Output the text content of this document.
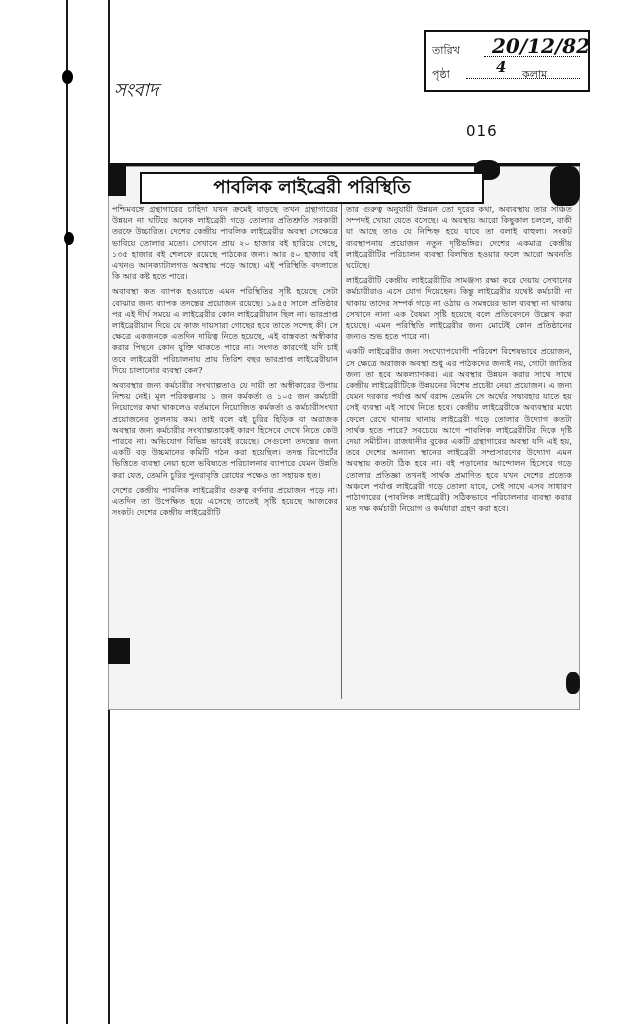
সংবাদ
তারিখ 20/12/82
পৃষ্ঠা	4 কলাম
016
পাবলিক লাইব্রেরী পরিস্থিতি

পশ্চিমবঙ্গে গ্রন্থাগারের চাহিদা যখন ক্রমেই বাড়ছে তখন গ্রন্থাগারের উন্নয়ন না ঘটিয়ে অনেক লাইব্রেরী গড়ে তোলার প্রতিশ্রুতি সরকারী তরফে উচ্চারিত। দেশের কেন্দ্রীয় পাবলিক লাইব্রেরীর অবস্থা সেক্ষেত্রে ভাবিয়ে তোলার মতো। সেখানে প্রায় ২০ হাজার বই হারিয়ে গেছে, ১৩৫ হাজার বই শেলফে রয়েছে পাঠকের জন্য। আর ৫০ হাজার বই এখনও আনক্যাটালগড অবস্থায় পড়ে আছে। এই পরিস্থিতি বদলাতে কি আর কষ্ট হতে পারে।

অবাবস্থা কত ব্যাপক হওয়াতে এমন পরিস্থিতির সৃষ্টি হয়েছে সেটা বোঝার জন্য ব্যাপক তদন্তের প্রয়োজন রয়েছে। ১৯৫৫ সালে প্রতিষ্ঠার পর এই দীর্ঘ সময়ে এ লাইব্রেরীর কোন লাইব্রেরীয়ান ছিল না। ভারপ্রাপ্ত লাইব্রেরীয়ান দিয়ে যে কাজ দায়সারা গোছের হবে তাতে সন্দেহ কী। সে ক্ষেত্রে একজনকে এতদিন দায়িত্ব নিতে হয়েছে, এই বাস্তবতা অস্বীকার করার পিছনে কোন যুক্তি থাকতে পারে না। সংগত কারণেই যদি চাই তবে লাইব্রেরী পরিচালনায় প্রায় তিরিশ বছর ভারপ্রাপ্ত লাইব্রেরীয়ান দিয়ে চালানোর ব্যবস্থা কেন?

অব্যবস্থার জন্য কর্মচারীর সংখ্যাল্পতাও যে দায়ী তা অস্বীকারের উপায় নিশ্চয় নেই। মূল পরিকল্পনায় ১ জন কর্মকর্তা ও ১০৫ জন কর্মচারী নিয়োগের কথা থাকলেও বর্তমানে নিয়োজিত কর্মকর্তা ও কর্মচারীসংখ্যা প্রয়োজনের তুলনায় কম। তাই বলে বই চুরির হিড়িক বা অরাজক অবস্থার জন্য কর্মচারীর সংখ্যাল্পতাকেই কারণ হিসেবে দেখে নিতে কেউ পারবে না। অভিযোগ বিভিন্ন ভাবেই রয়েছে। সেগুলো তদন্তের জন্য একটি বড় উচ্চমানের কমিটি গঠন করা হয়েছিল। তদন্ত রিপোর্টের ভিত্তিতে ব্যবস্থা নেয়া হলে ভবিষ্যতে পরিচালনার ব্যাপারে যেমন উন্নতি করা যেত, তেমনি চুরির পুনরাবৃত্তি রোধের পক্ষেও তা সহায়ক হত।

দেশের কেন্দ্রীয় পাবলিক লাইব্রেরীর গুরুত্ব বর্ণনার প্রয়োজন পড়ে না। এতদিন তা উপেক্ষিত হয়ে এসেছে তাতেই সৃষ্টি হয়েছে আজকের সংকট। দেশের কেন্দ্রীয় লাইব্রেরীটি

তার গুরুত্ব অনুযায়ী উন্নয়ন তো দূরের কথা, অব্যবস্থায় তার সঞ্চিত সম্পদই খোয়া যেতে বসেছে। এ অবস্থায় আরো কিছুকাল চললে, বাকী যা আছে তাও যে নিশ্চিহ্ন হয়ে যাবে তা বলাই বাহুল্য। সংকট ব্যবস্থাপনায় প্রয়োজন নতুন দৃষ্টিভঙ্গির। দেশের একমাত্র কেন্দ্রীয় লাইব্রেরীটির পরিচালন ব্যবস্থা বিলম্বিত হওয়ার ফলে আরো অবনতি ঘটেছে।

লাইব্রেরীটি কেন্দ্রীয় লাইব্রেরীটির সামঞ্জস্য রক্ষা করে দেয়ায় সেখানের কর্মচারীরাও এসে যোগ দিয়েছেন। কিন্তু লাইব্রেরীর যথেষ্ট কর্মচারী না থাকায় তাদের সম্পর্ক গড়ে না ওঠায় ও সমন্বয়ের ভাল ব্যবস্থা না থাকায় সেখানে নানা এক বৈষম্য সৃষ্টি হয়েছে বলে প্রতিবেদনে উল্লেখ করা হয়েছে। এমন পরিস্থিতি লাইব্রেরীর জন্য মোটেই কোন প্রতিষ্ঠানের জন্যও শুভ হতে পারে না।

একটি লাইব্রেরীর জন্য সংখ্যোপযোগী পরিবেশ বিশেষভাবে প্রয়োজন, সে ক্ষেত্রে অরাজক অবস্থা শুধু এর পাঠকদের জন্যই নয়, গোটা জাতির জন্য তা হবে অকল্যাণকর। এর অবস্থার উন্নয়ন করার সাথে সাথে কেন্দ্রীয় লাইব্রেরীটিকে উন্নয়নের বিশেষ প্রচেষ্টা নেয়া প্রয়োজন। এ জন্য যেমন দরকার পর্যাপ্ত অর্থ বরাদ্দ তেমনি সে অর্থের সদ্ব্যবহার যাতে হয় সেই ব্যবস্থা এই সাথে নিতে হবে। কেন্দ্রীয় লাইব্রেরীকে অব্যবস্থার মধ্যে ফেলে রেখে থানায় থানায় লাইব্রেরী গড়ে তোলার উদ্যোগ কতটা সার্থক হতে পারে? সবচেয়ে আগে পাবলিক লাইব্রেরীটির দিকে দৃষ্টি দেয়া সমীচীন। রাজধানীর বুকের একটি গ্রন্থাগারের অবস্থা যদি এই হয়, তবে দেশের অন্যান্য স্থানের লাইব্রেরী সম্প্রসারণের উদ্যোগ এমন অবস্থায় কতটা ঠিক হবে না। বই পড়ানোর আন্দোলন হিসেবে গড়ে তোলার প্রতিজ্ঞা তখনই সার্থক প্রমাণিত হবে যখন দেশের প্রত্যেক অঞ্চলে পর্যাপ্ত লাইব্রেরী গড়ে তোলা যাবে, সেই সাথে এসব সাধারণ পাঠাগারের (পাবলিক লাইব্রেরী) সঠিকভাবে পরিচালনার ব্যবস্থা করার মত দক্ষ কর্মচারী নিয়োগ ও কর্মধারা গ্রহণ করা হবে।
